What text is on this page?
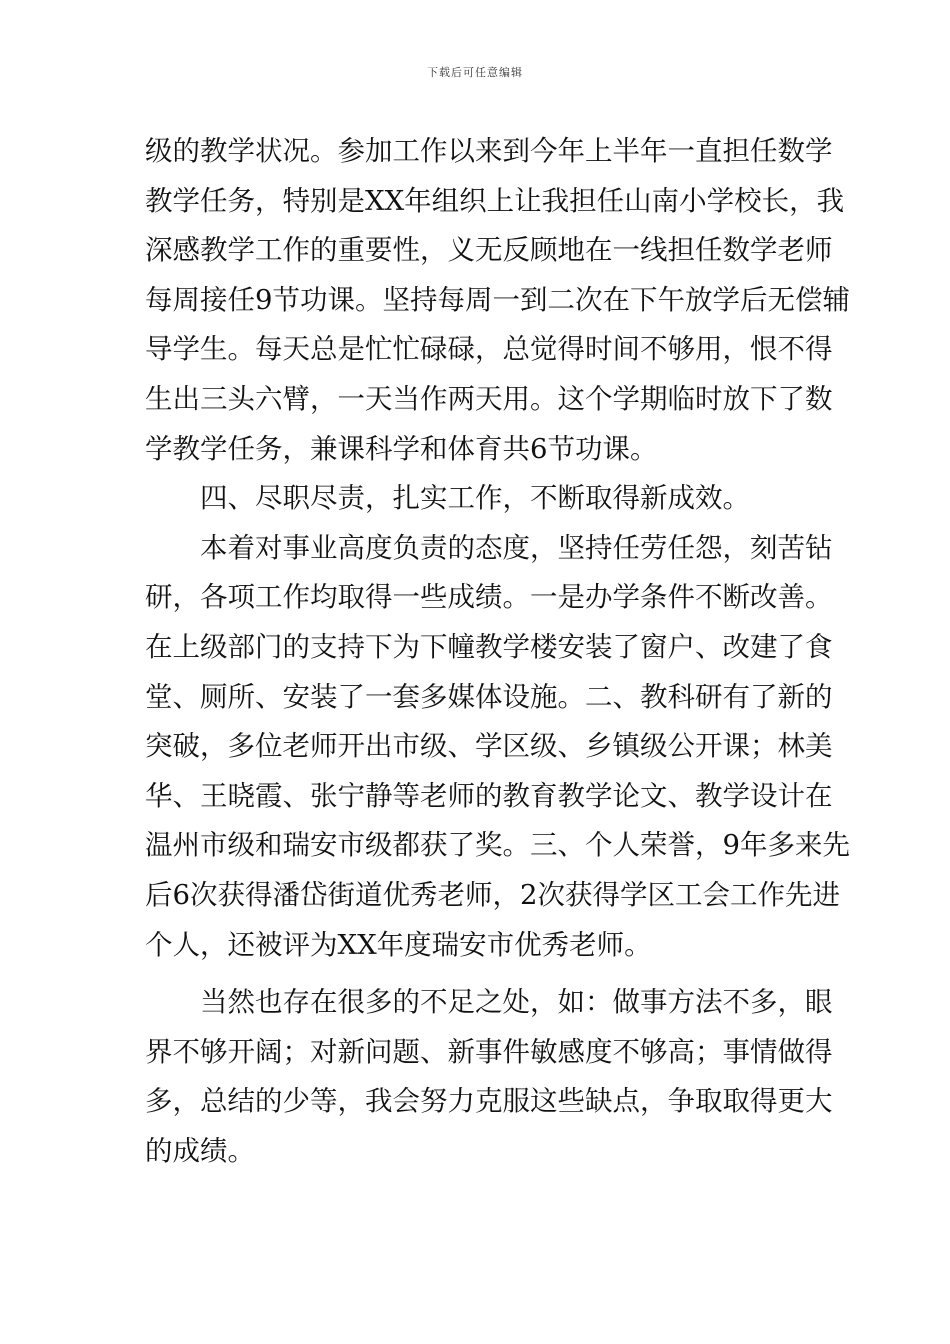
下载后可任意编辑
级的教学状况。参加工作以来到今年上半年一直担任数学
教学任务，特别是XX年组织上让我担任山南小学校长，我
深感教学工作的重要性，义无反顾地在一线担任数学老师
每周接任9节功课。坚持每周一到二次在下午放学后无偿辅
导学生。每天总是忙忙碌碌，总觉得时间不够用，恨不得
生出三头六臂，一天当作两天用。这个学期临时放下了数
学教学任务，兼课科学和体育共6节功课。
四、尽职尽责，扎实工作，不断取得新成效。
本着对事业高度负责的态度，坚持任劳任怨，刻苦钻
研，各项工作均取得一些成绩。一是办学条件不断改善。
在上级部门的支持下为下幢教学楼安装了窗户、改建了食
堂、厕所、安装了一套多媒体设施。二、教科研有了新的
突破，多位老师开出市级、学区级、乡镇级公开课；林美
华、王晓霞、张宁静等老师的教育教学论文、教学设计在
温州市级和瑞安市级都获了奖。三、个人荣誉，9年多来先
后6次获得潘岱街道优秀老师，2次获得学区工会工作先进
个人，还被评为XX年度瑞安市优秀老师。
当然也存在很多的不足之处，如：做事方法不多，眼
界不够开阔；对新问题、新事件敏感度不够高；事情做得
多，总结的少等，我会努力克服这些缺点，争取取得更大
的成绩。
